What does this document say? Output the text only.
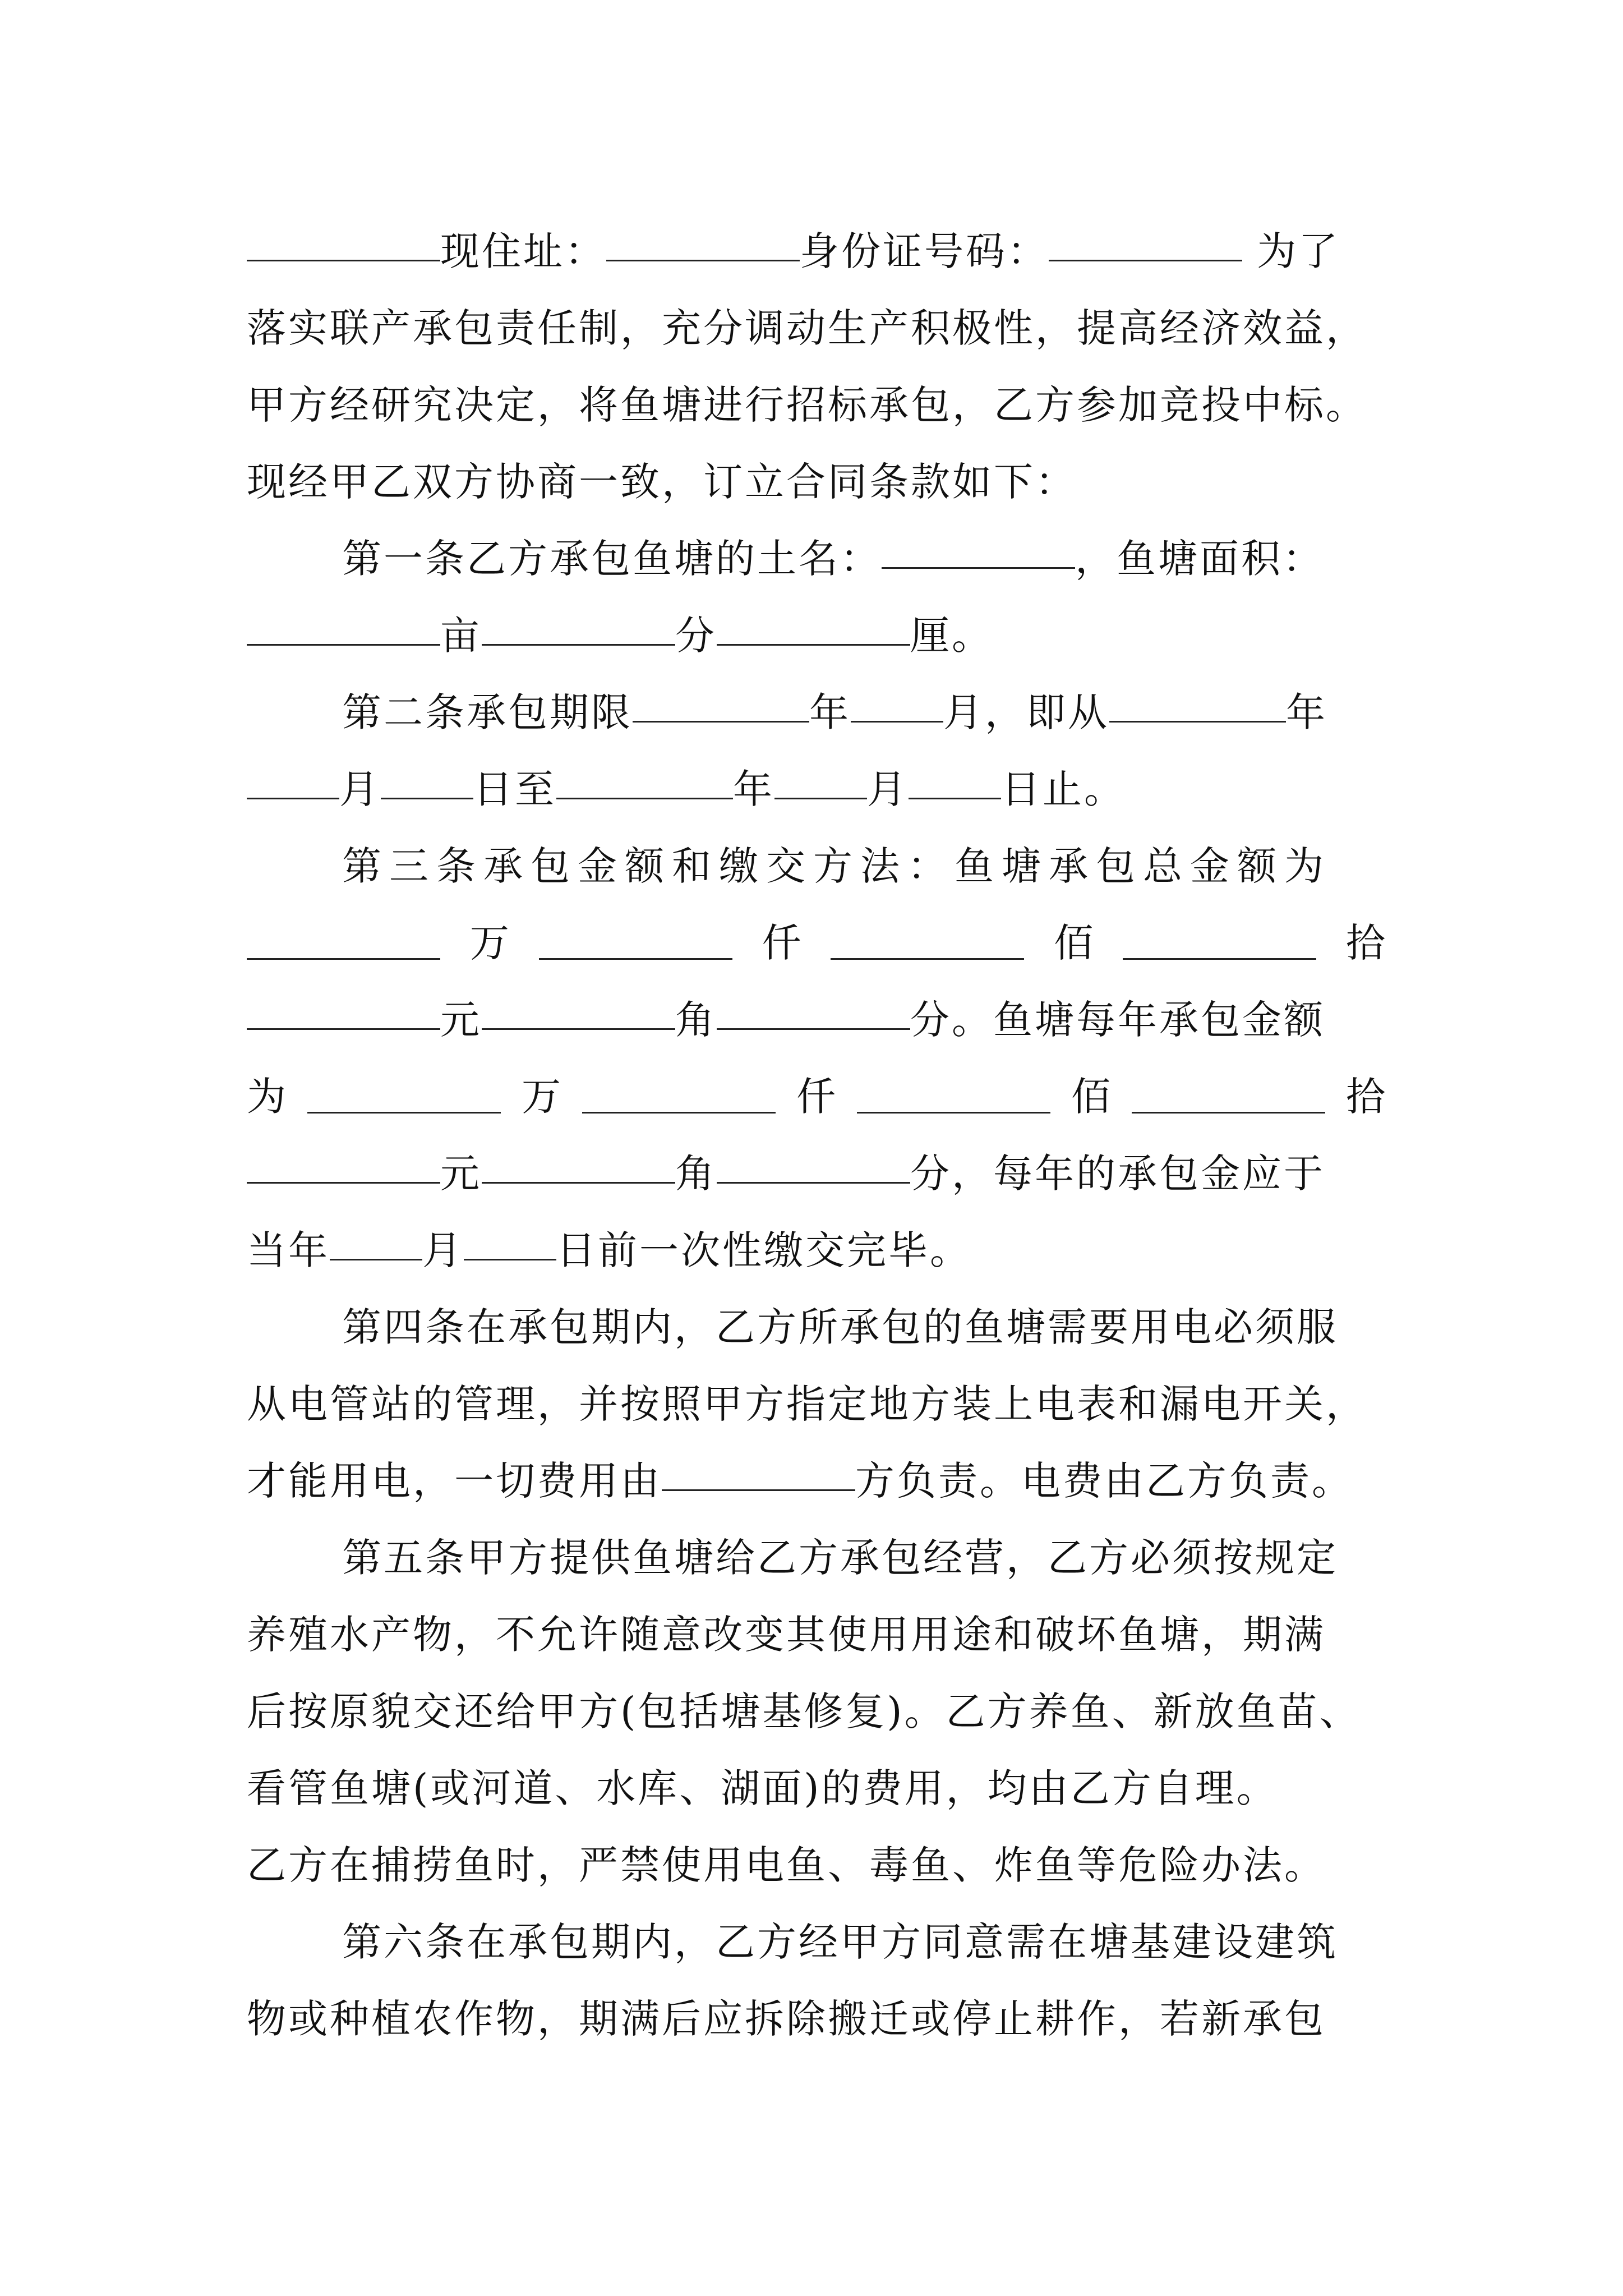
现住址：	身份证号码：	为了
落实联产承包责任制，充分调动生产积极性，提高经济效益，
甲方经研究决定，将鱼塘进行招标承包，乙方参加竞投中标。
现经甲乙双方协商一致，订立合同条款如下：
第一条乙方承包鱼塘的土名：	，鱼塘面积：
亩	分	厘。
第二条承包期限	年 月，即从	年
月 日至	年 月 日止。
第三条承包金额和缴交方法：鱼塘承包总金额为
万	仟	佰	拾
元	角	分。鱼塘每年承包金额
为	万	仟	佰	拾
元	角	分，每年的承包金应于
当年 月 日前一次性缴交完毕。
第四条在承包期内，乙方所承包的鱼塘需要用电必须服
从电管站的管理，并按照甲方指定地方装上电表和漏电开关，
才能用电，一切费用由	方负责。电费由乙方负责。
第五条甲方提供鱼塘给乙方承包经营，乙方必须按规定
养殖水产物，不允许随意改变其使用用途和破坏鱼塘，期满
后按原貌交还给甲方(包括塘基修复)。乙方养鱼、新放鱼苗、
看管鱼塘(或河道、水库、湖面)的费用，均由乙方自理。
乙方在捕捞鱼时，严禁使用电鱼、毒鱼、炸鱼等危险办法。
第六条在承包期内，乙方经甲方同意需在塘基建设建筑
物或种植农作物，期满后应拆除搬迁或停止耕作，若新承包
